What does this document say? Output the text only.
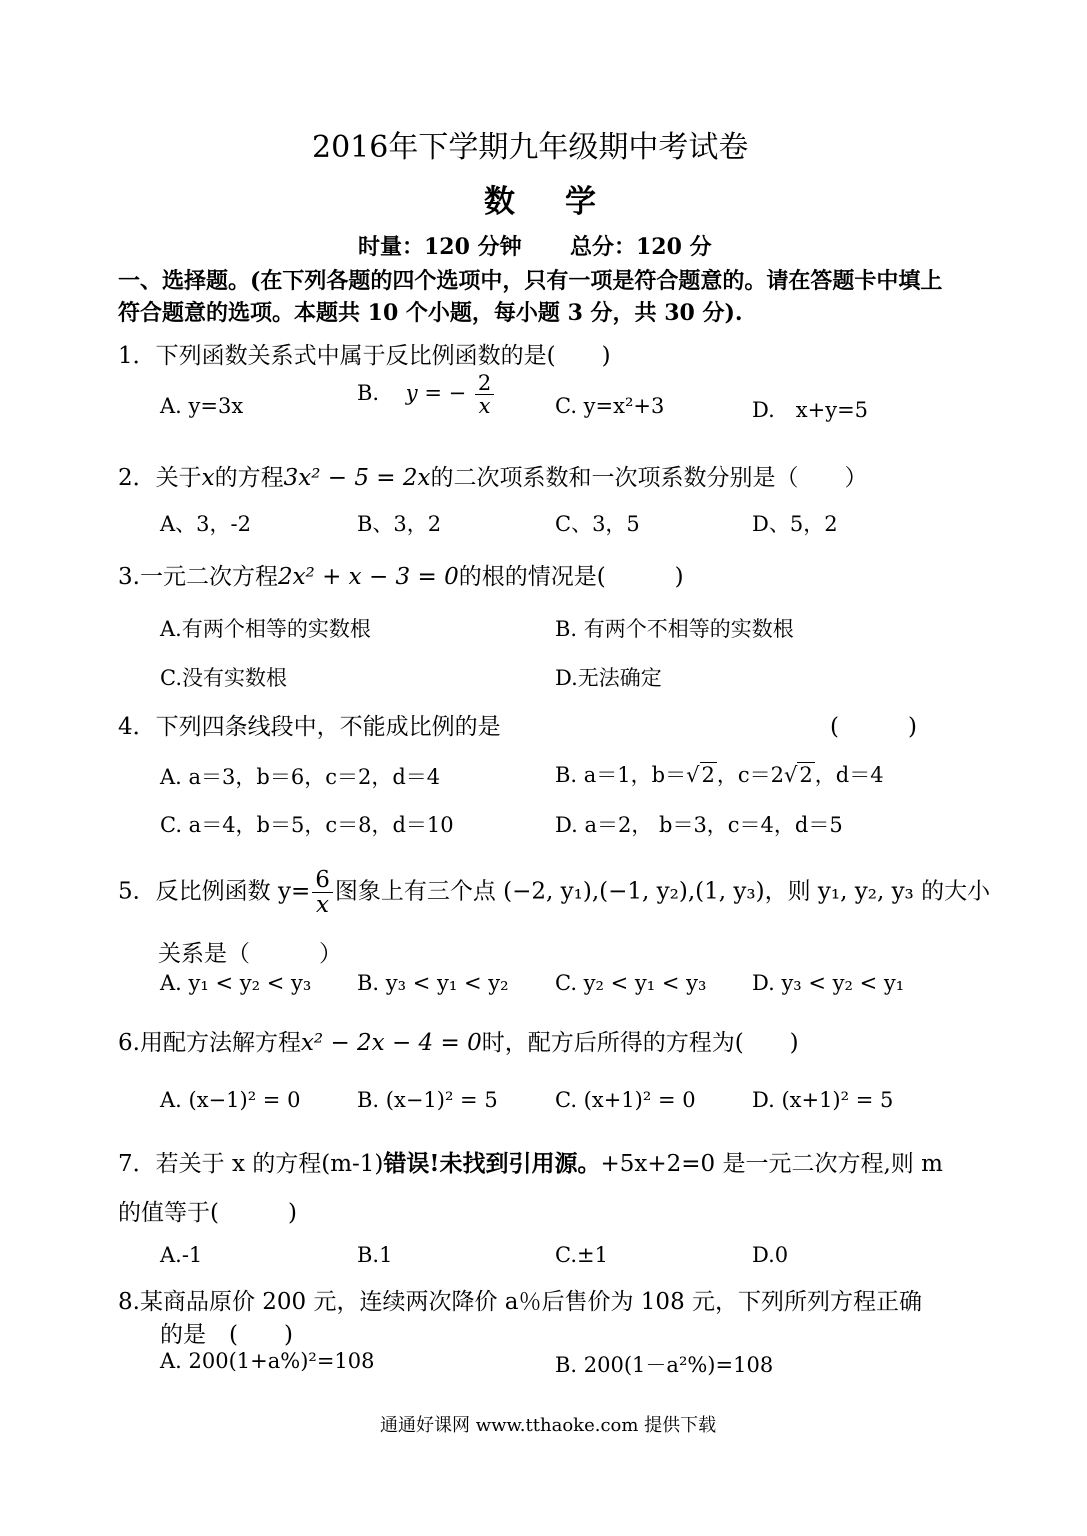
2016年下学期九年级期中考试卷
数学
时量：120 分钟 总分：120 分
一、选择题。(在下列各题的四个选项中，只有一项是符合题意的。请在答题卡中填上
符合题意的选项。本题共 10 个小题，每小题 3 分，共 30 分).
1．下列函数关系式中属于反比例函数的是(　　)
A. y=3x
B. y = − $\frac{2}{x}$	C. y=x²+3	D.　x+y=5
2．关于x的方程3x² − 5 = 2x的二次项系数和一次项系数分别是（　　）
A、3，-2	B、3，2	C、3，5	D、5，2
3.一元二次方程2x² + x − 3 = 0的根的情况是(　　　)
A.有两个相等的实数根	B. 有两个不相等的实数根
C.没有实数根	D.无法确定
4．下列四条线段中，不能成比例的是	(　　　)
A. a＝3，b＝6，c＝2，d＝4	B. a＝1，b＝√2，c＝2√2，d＝4
C. a＝4，b＝5，c＝8，d＝10	D. a＝2， b＝3，c＝4，d＝5
5．反比例函数 $y= \frac{6}{x}$ 图象上有三个点 (−2, y₁),(−1, y₂),(1, y₃)，则 y₁, y₂, y₃ 的大小
关系是（　　　）
A. y₁ < y₂ < y₃ B. y₃ < y₁ < y₂ C. y₂ < y₁ < y₃ D. y₃ < y₂ < y₁
6.用配方法解方程x² − 2x − 4 = 0时，配方后所得的方程为(　　)
A. (x−1)² = 0	B. (x−1)² = 5	C. (x+1)² = 0	D. (x+1)² = 5
7．若关于 x 的方程(m-1)错误!未找到引用源。+5x+2=0 是一元二次方程,则 m
的值等于(　　　)
A.-1	B.1	C.±1	D.0
8.某商品原价 200 元，连续两次降价 a％后售价为 108 元，下列所列方程正确
的是　(　　)
A. 200(1+a%)²=108	B. 200(1－a²%)=108
通通好课网 www.tthaoke.com 提供下载
